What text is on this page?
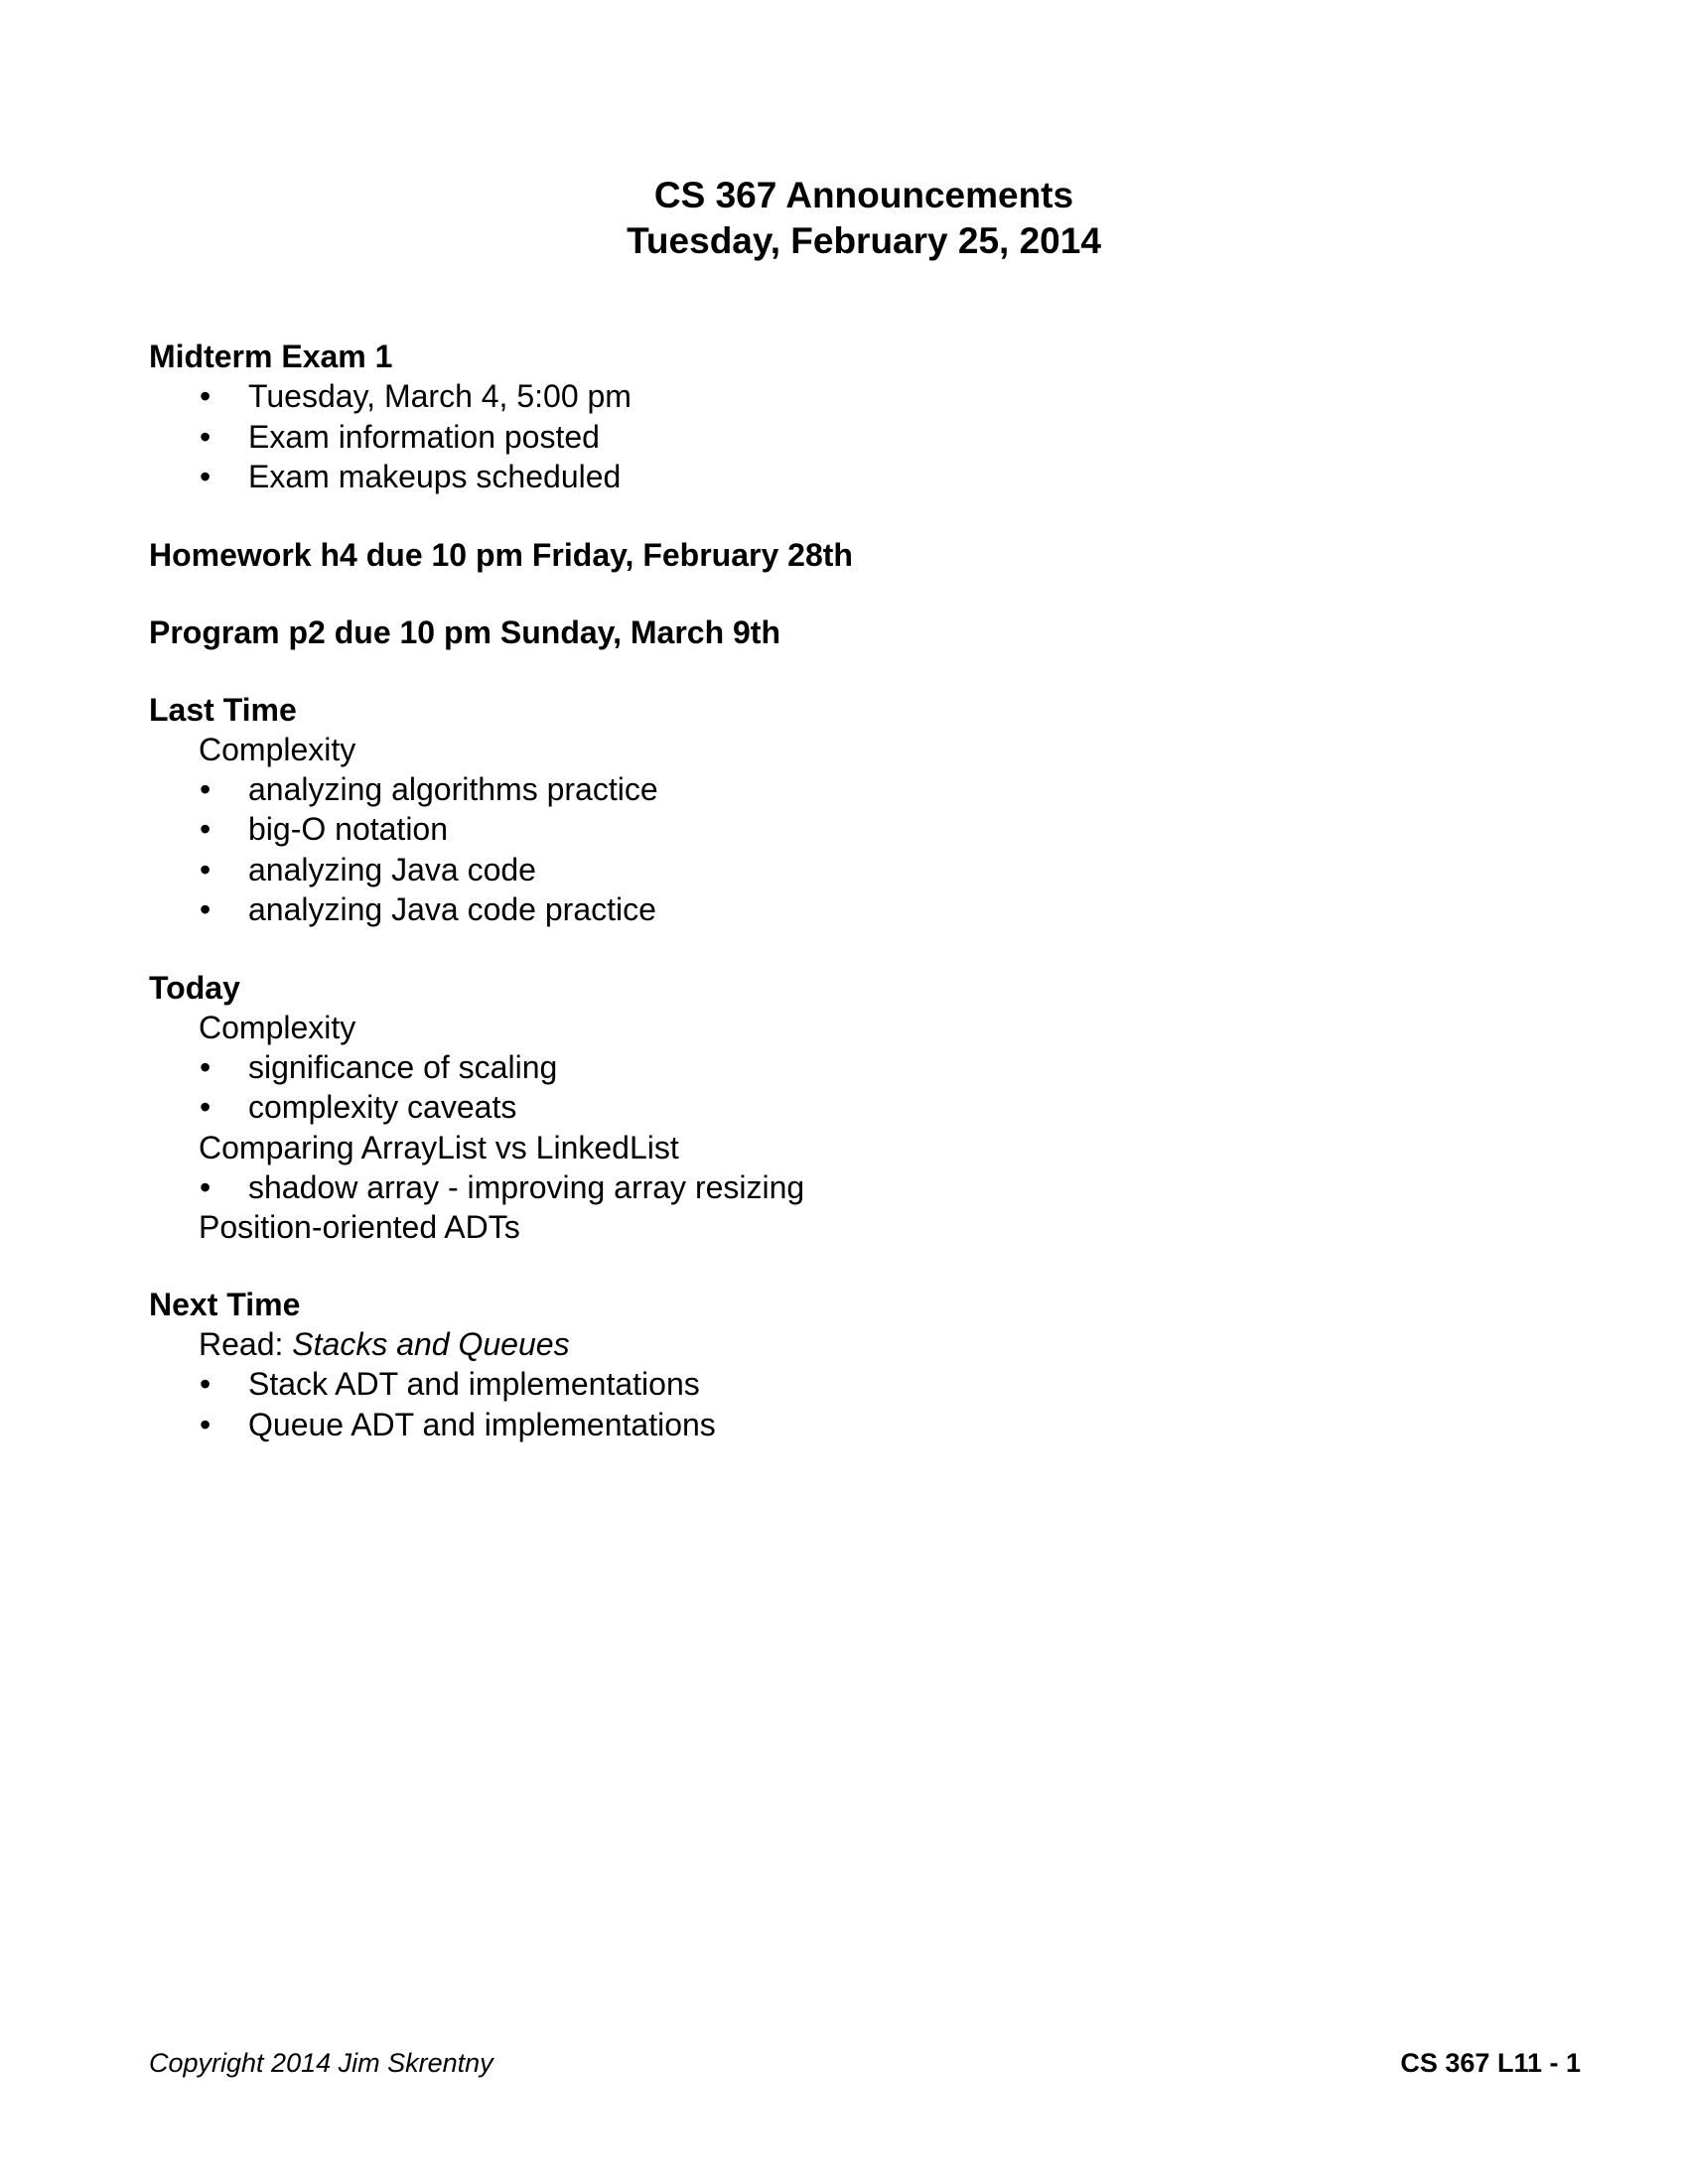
CS 367 Announcements
Tuesday, February 25, 2014
Midterm Exam 1
• Tuesday, March 4, 5:00 pm
• Exam information posted
• Exam makeups scheduled
Homework h4 due 10 pm Friday, February 28th
Program p2 due 10 pm Sunday, March 9th
Last Time
Complexity
• analyzing algorithms practice
• big-O notation
• analyzing Java code
• analyzing Java code practice
Today
Complexity
• significance of scaling
• complexity caveats
Comparing ArrayList vs LinkedList
• shadow array - improving array resizing
Position-oriented ADTs
Next Time
Read: Stacks and Queues
• Stack ADT and implementations
• Queue ADT and implementations
Copyright 2014 Jim Skrentny	CS 367 L11 - 1
